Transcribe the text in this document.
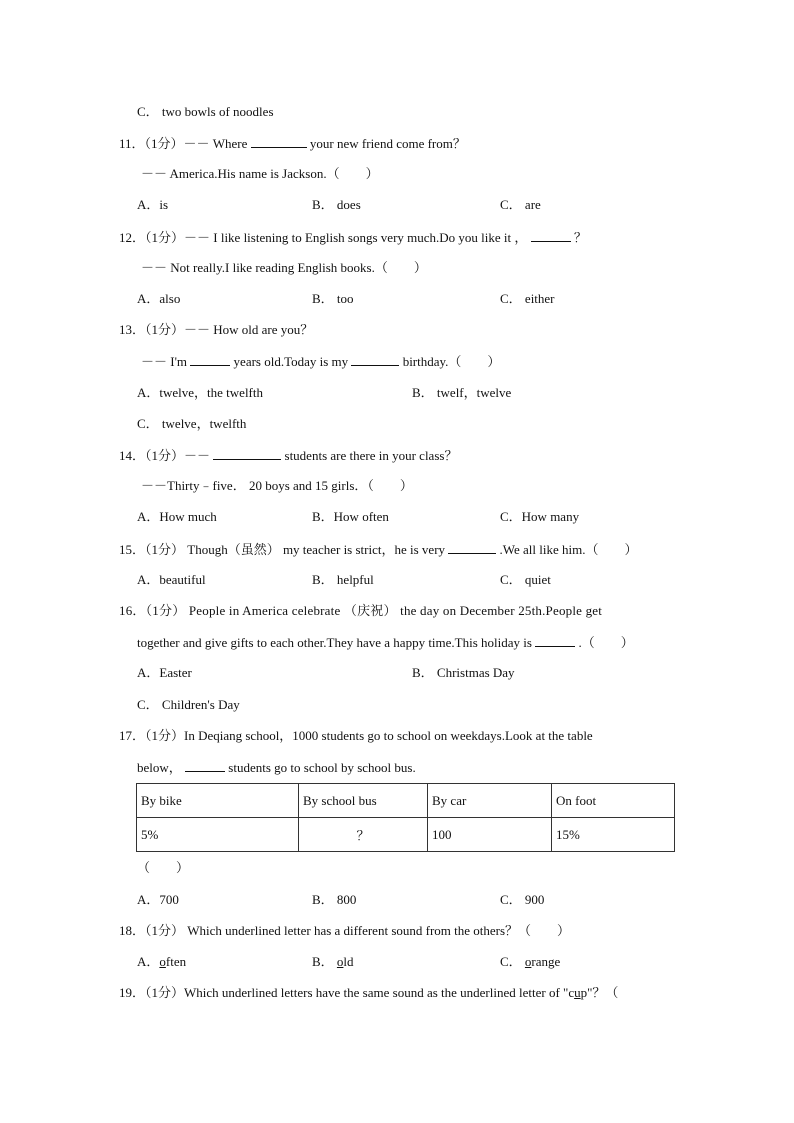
C． two bowls of noodles
11．（1分）－－ Where	your new friend come from？
－－ America.His name is Jackson.（　　）
A．is	B． does	C． are
12．（1分）－－ I like listening to English songs very much.Do you like it ，	？
－－ Not really.I like reading English books.（　　）
A．also	B． too	C． either
13．（1分）－－ How old are you？
－－ I'm	years old.Today is my	birthday.（　　）
A．twelve，the twelfth	B． twelf，twelve
C． twelve，twelfth
14．（1分）－－	students are there in your class？
－－Thirty﹣five． 20 boys and 15 girls．（　　）
A．How much	B．How often	C．How many
15．（1分） Though（虽然） my teacher is strict，he is very	.We all like him.（　　）
A．beautiful	B． helpful	C． quiet
16．（1分） People in America celebrate （庆祝） the day on December 25th.People get
together and give gifts to each other.They have a happy time.This holiday is	.（　　）
A．Easter	B． Christmas Day
C． Children's Day
17．（1分）In Deqiang school，1000 students go to school on weekdays.Look at the table
below，	students go to school by school bus.
By bike	By school bus	By car	On foot
5%	？	100	15%
（　　）
A．700	B． 800	C． 900
18．（1分） Which underlined letter has a different sound from the others？（　　）
A．often	B． old	C． orange
19．（1分）Which underlined letters have the same sound as the underlined letter of "cup"？（
